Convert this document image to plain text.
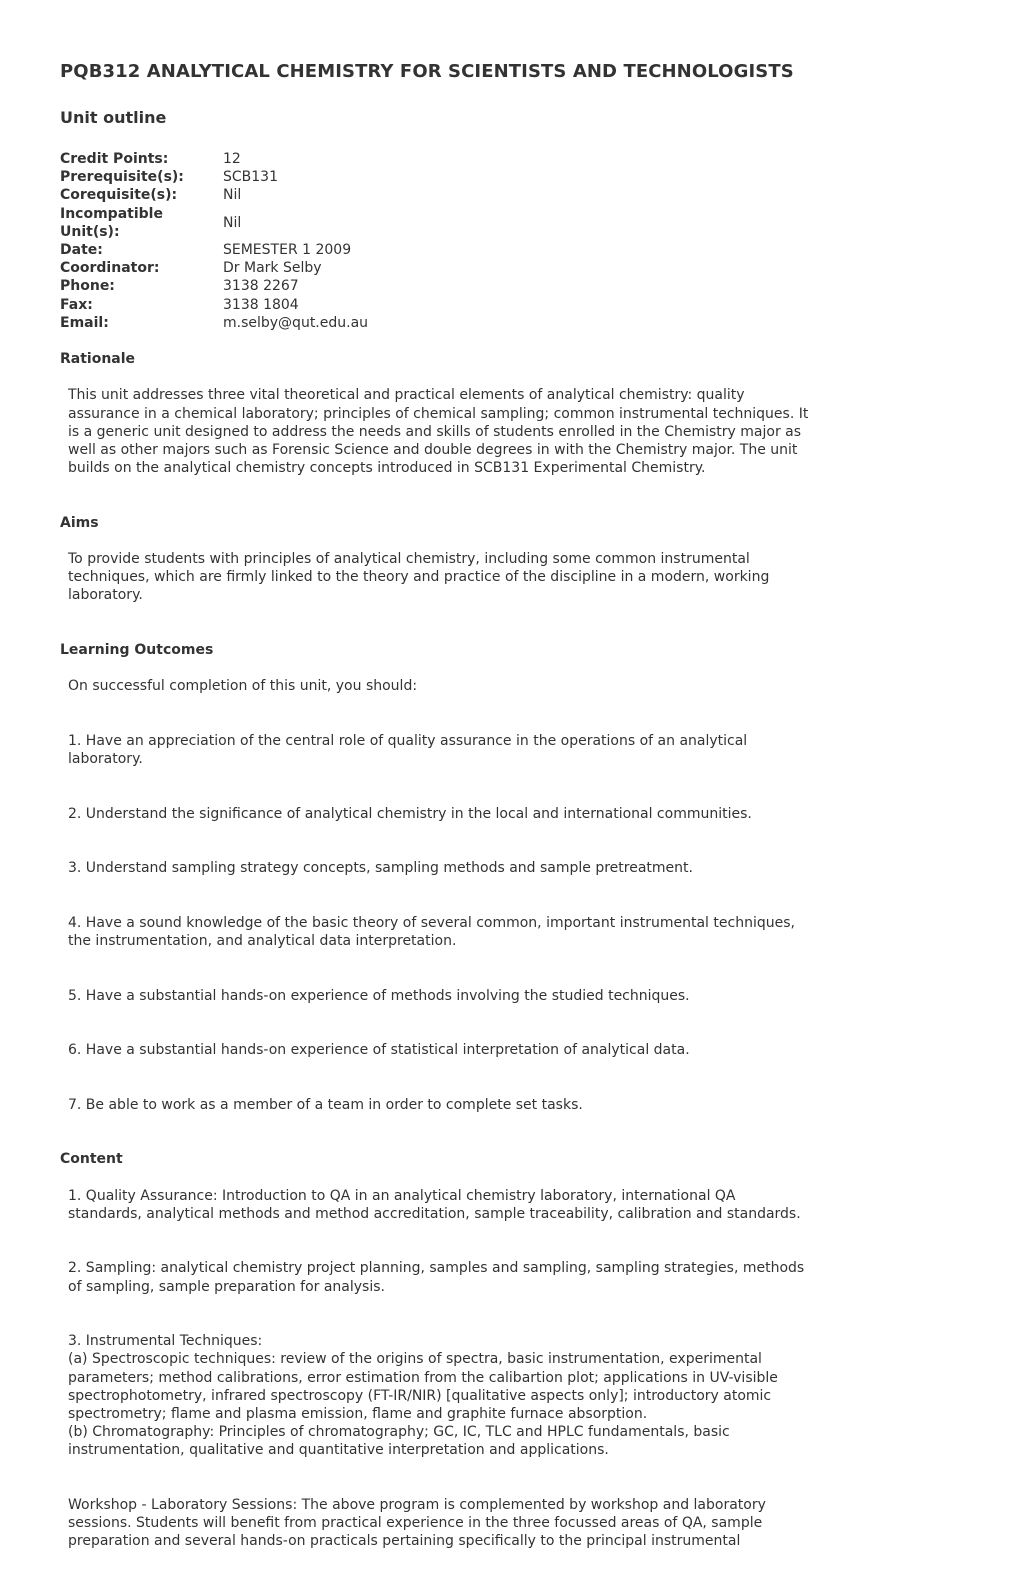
PQB312 ANALYTICAL CHEMISTRY FOR SCIENTISTS AND TECHNOLOGISTS
Unit outline
Credit Points:	12
Prerequisite(s):	SCB131
Corequisite(s):	Nil
Incompatible
Unit(s):	Nil
Date:	SEMESTER 1 2009
Coordinator:	Dr Mark Selby
Phone:	3138 2267
Fax:	3138 1804
Email:	m.selby@qut.edu.au
Rationale

This unit addresses three vital theoretical and practical elements of analytical chemistry: quality
assurance in a chemical laboratory; principles of chemical sampling; common instrumental techniques. It
is a generic unit designed to address the needs and skills of students enrolled in the Chemistry major as
well as other majors such as Forensic Science and double degrees in with the Chemistry major. The unit
builds on the analytical chemistry concepts introduced in SCB131 Experimental Chemistry.

Aims

To provide students with principles of analytical chemistry, including some common instrumental
techniques, which are firmly linked to the theory and practice of the discipline in a modern, working
laboratory.

Learning Outcomes

On successful completion of this unit, you should:

1. Have an appreciation of the central role of quality assurance in the operations of an analytical
laboratory.

2. Understand the significance of analytical chemistry in the local and international communities.

3. Understand sampling strategy concepts, sampling methods and sample pretreatment.

4. Have a sound knowledge of the basic theory of several common, important instrumental techniques,
the instrumentation, and analytical data interpretation.

5. Have a substantial hands-on experience of methods involving the studied techniques.

6. Have a substantial hands-on experience of statistical interpretation of analytical data.

7. Be able to work as a member of a team in order to complete set tasks.

Content

1. Quality Assurance: Introduction to QA in an analytical chemistry laboratory, international QA
standards, analytical methods and method accreditation, sample traceability, calibration and standards.

2. Sampling: analytical chemistry project planning, samples and sampling, sampling strategies, methods
of sampling, sample preparation for analysis.

3. Instrumental Techniques:
(a) Spectroscopic techniques: review of the origins of spectra, basic instrumentation, experimental
parameters; method calibrations, error estimation from the calibartion plot; applications in UV-visible
spectrophotometry, infrared spectroscopy (FT-IR/NIR) [qualitative aspects only]; introductory atomic
spectrometry; flame and plasma emission, flame and graphite furnace absorption.
(b) Chromatography: Principles of chromatography; GC, IC, TLC and HPLC fundamentals, basic
instrumentation, qualitative and quantitative interpretation and applications.

Workshop - Laboratory Sessions: The above program is complemented by workshop and laboratory
sessions. Students will benefit from practical experience in the three focussed areas of QA, sample
preparation and several hands-on practicals pertaining specifically to the principal instrumental
